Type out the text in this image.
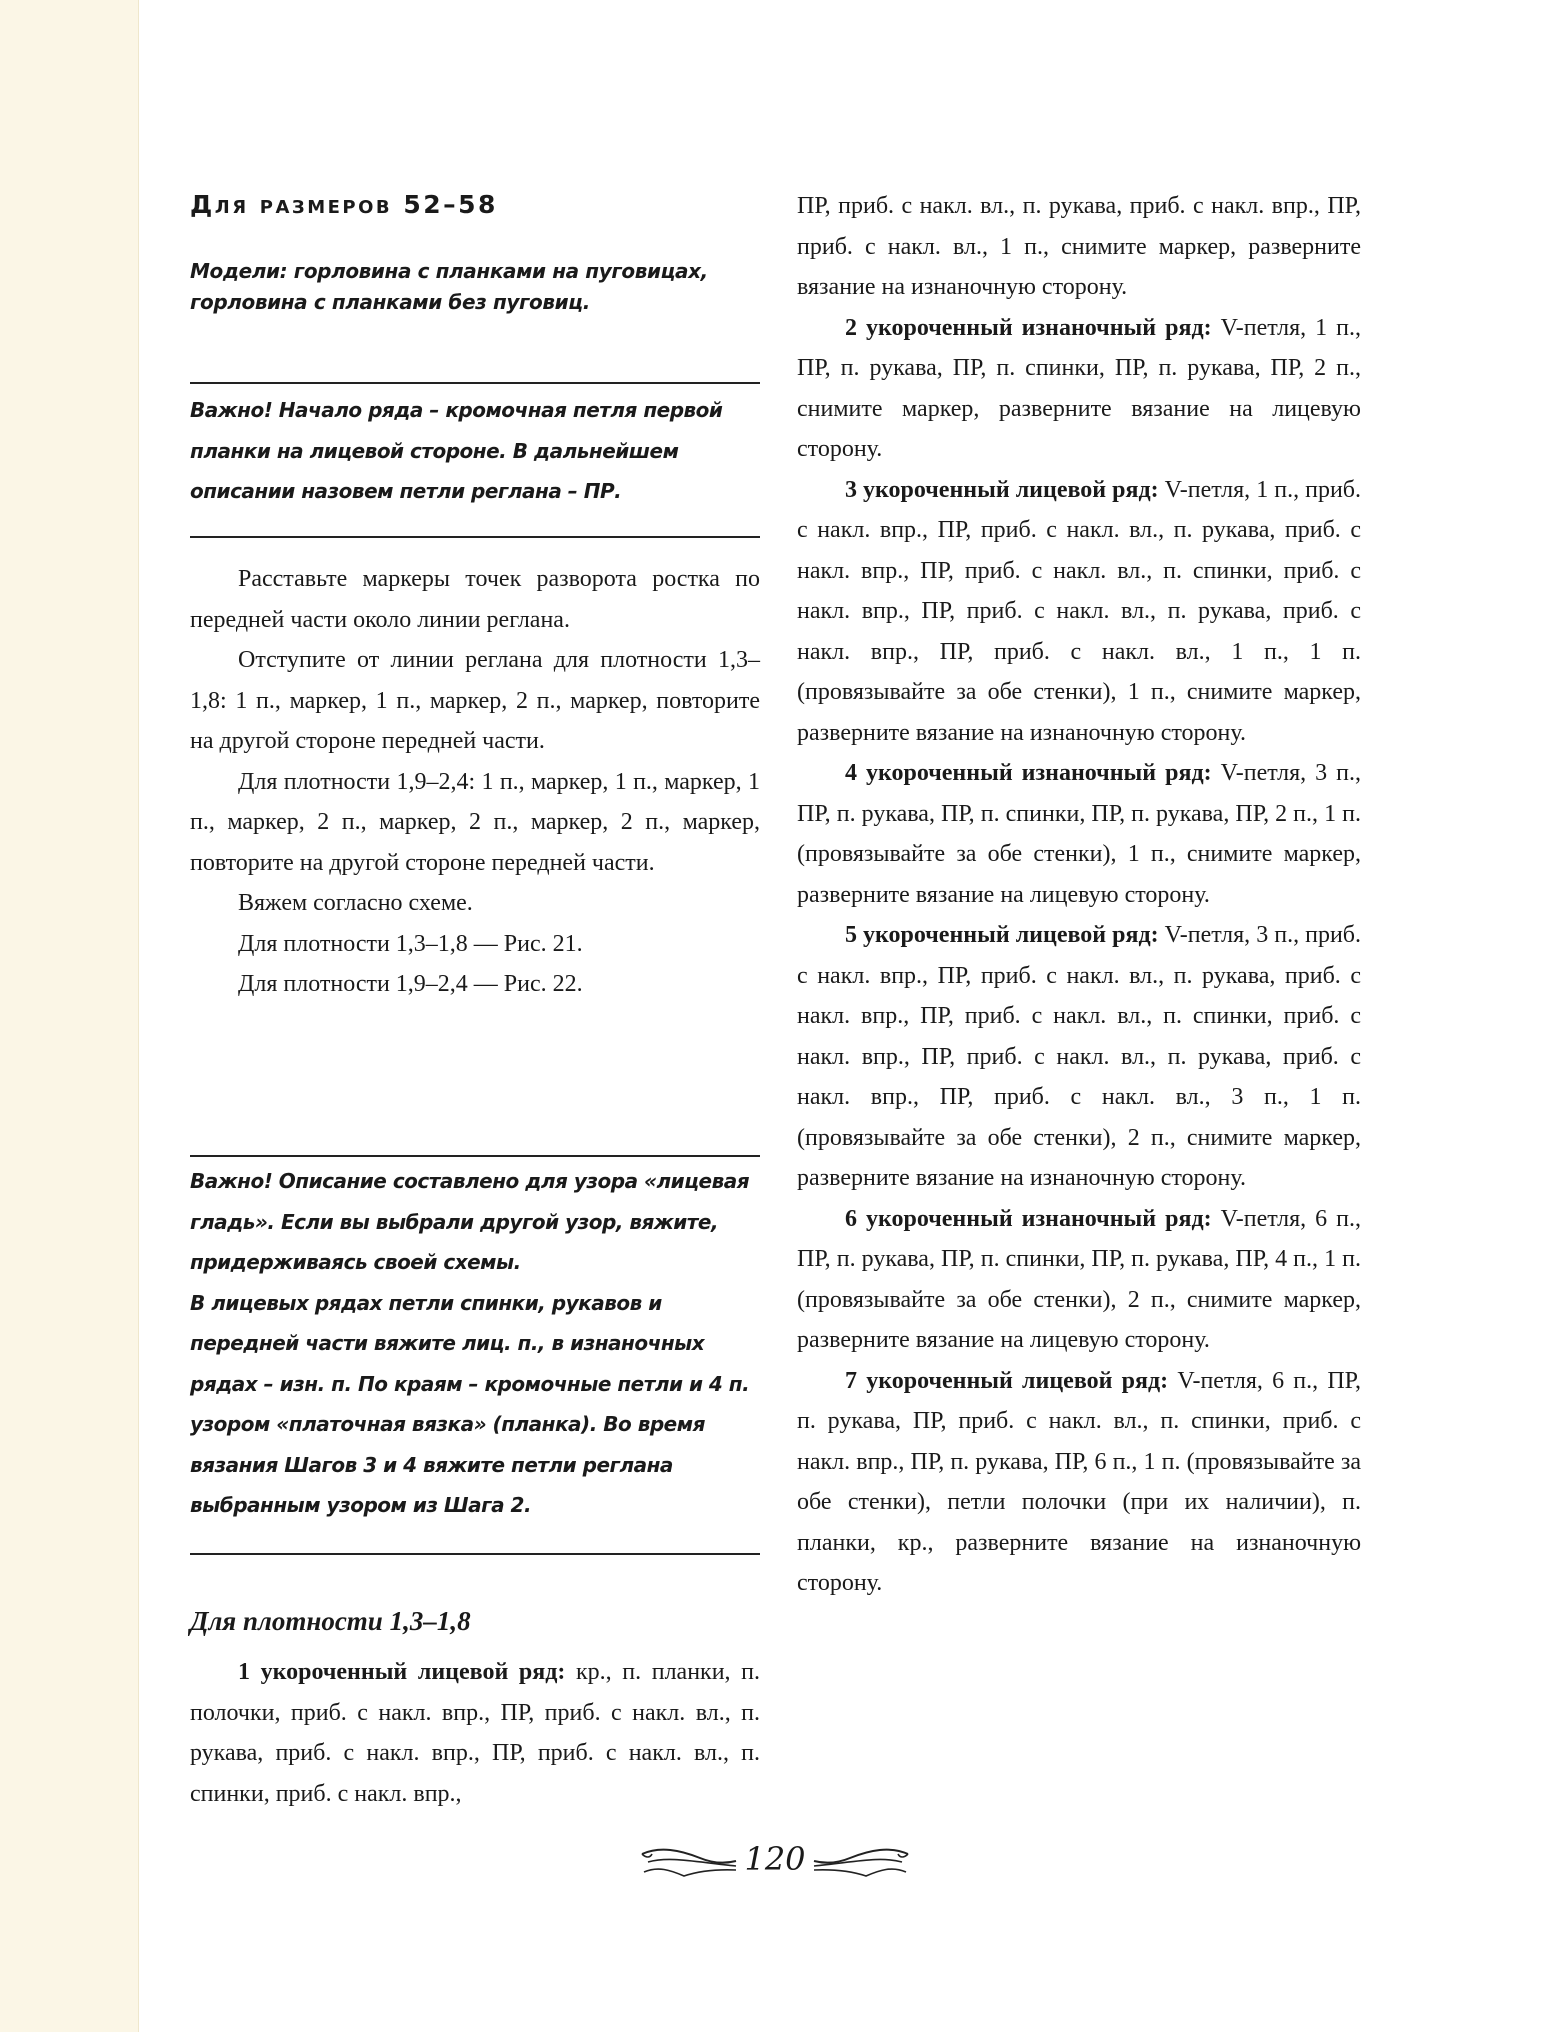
Для размеров 52–58
Модели: горловина с планками на пуговицах, горловина с планками без пуговиц.

Важно! Начало ряда – кромочная петля первой планки на лицевой стороне. В дальнейшем описании назовем петли реглана – ПР.

Расставьте маркеры точек разворота ростка по передней части около линии реглана.

Отступите от линии реглана для плотности 1,3–1,8: 1 п., маркер, 1 п., маркер, 2 п., маркер, повторите на другой стороне передней части.

Для плотности 1,9–2,4: 1 п., маркер, 1 п., маркер, 1 п., маркер, 2 п., маркер, 2 п., маркер, 2 п., маркер, повторите на другой стороне передней части.

Вяжем согласно схеме.

Для плотности 1,3–1,8 — Рис. 21.

Для плотности 1,9–2,4 — Рис. 22.

Важно! Описание составлено для узора «лицевая гладь». Если вы выбрали другой узор, вяжите, придерживаясь своей схемы.

В лицевых рядах петли спинки, рукавов и передней части вяжите лиц. п., в изнаночных рядах – изн. п. По краям – кромочные петли и 4 п. узором «платочная вязка» (планка). Во время вязания Шагов 3 и 4 вяжите петли реглана выбранным узором из Шага 2.

Для плотности 1,3–1,8

1 укороченный лицевой ряд: кр., п. планки, п. полочки, приб. с накл. впр., ПР, приб. с накл. вл., п. рукава, приб. с накл. впр., ПР, приб. с накл. вл., п. спинки, приб. с накл. впр.,

ПР, приб. с накл. вл., п. рукава, приб. с накл. впр., ПР, приб. с накл. вл., 1 п., снимите маркер, разверните вязание на изнаночную сторону.

2 укороченный изнаночный ряд: V-петля, 1 п., ПР, п. рукава, ПР, п. спинки, ПР, п. рукава, ПР, 2 п., снимите маркер, разверните вязание на лицевую сторону.

3 укороченный лицевой ряд: V-петля, 1 п., приб. с накл. впр., ПР, приб. с накл. вл., п. рукава, приб. с накл. впр., ПР, приб. с накл. вл., п. спинки, приб. с накл. впр., ПР, приб. с накл. вл., п. рукава, приб. с накл. впр., ПР, приб. с накл. вл., 1 п., 1 п. (провязывайте за обе стенки), 1 п., снимите маркер, разверните вязание на изнаночную сторону.

4 укороченный изнаночный ряд: V-петля, 3 п., ПР, п. рукава, ПР, п. спинки, ПР, п. рукава, ПР, 2 п., 1 п. (провязывайте за обе стенки), 1 п., снимите маркер, разверните вязание на лицевую сторону.

5 укороченный лицевой ряд: V-петля, 3 п., приб. с накл. впр., ПР, приб. с накл. вл., п. рукава, приб. с накл. впр., ПР, приб. с накл. вл., п. спинки, приб. с накл. впр., ПР, приб. с накл. вл., п. рукава, приб. с накл. впр., ПР, приб. с накл. вл., 3 п., 1 п. (провязывайте за обе стенки), 2 п., снимите маркер, разверните вязание на изнаночную сторону.

6 укороченный изнаночный ряд: V-петля, 6 п., ПР, п. рукава, ПР, п. спинки, ПР, п. рукава, ПР, 4 п., 1 п. (провязывайте за обе стенки), 2 п., снимите маркер, разверните вязание на лицевую сторону.

7 укороченный лицевой ряд: V-петля, 6 п., ПР, п. рукава, ПР, приб. с накл. вл., п. спинки, приб. с накл. впр., ПР, п. рукава, ПР, 6 п., 1 п. (провязывайте за обе стенки), петли полочки (при их наличии), п. планки, кр., разверните вязание на изнаночную сторону.

120
